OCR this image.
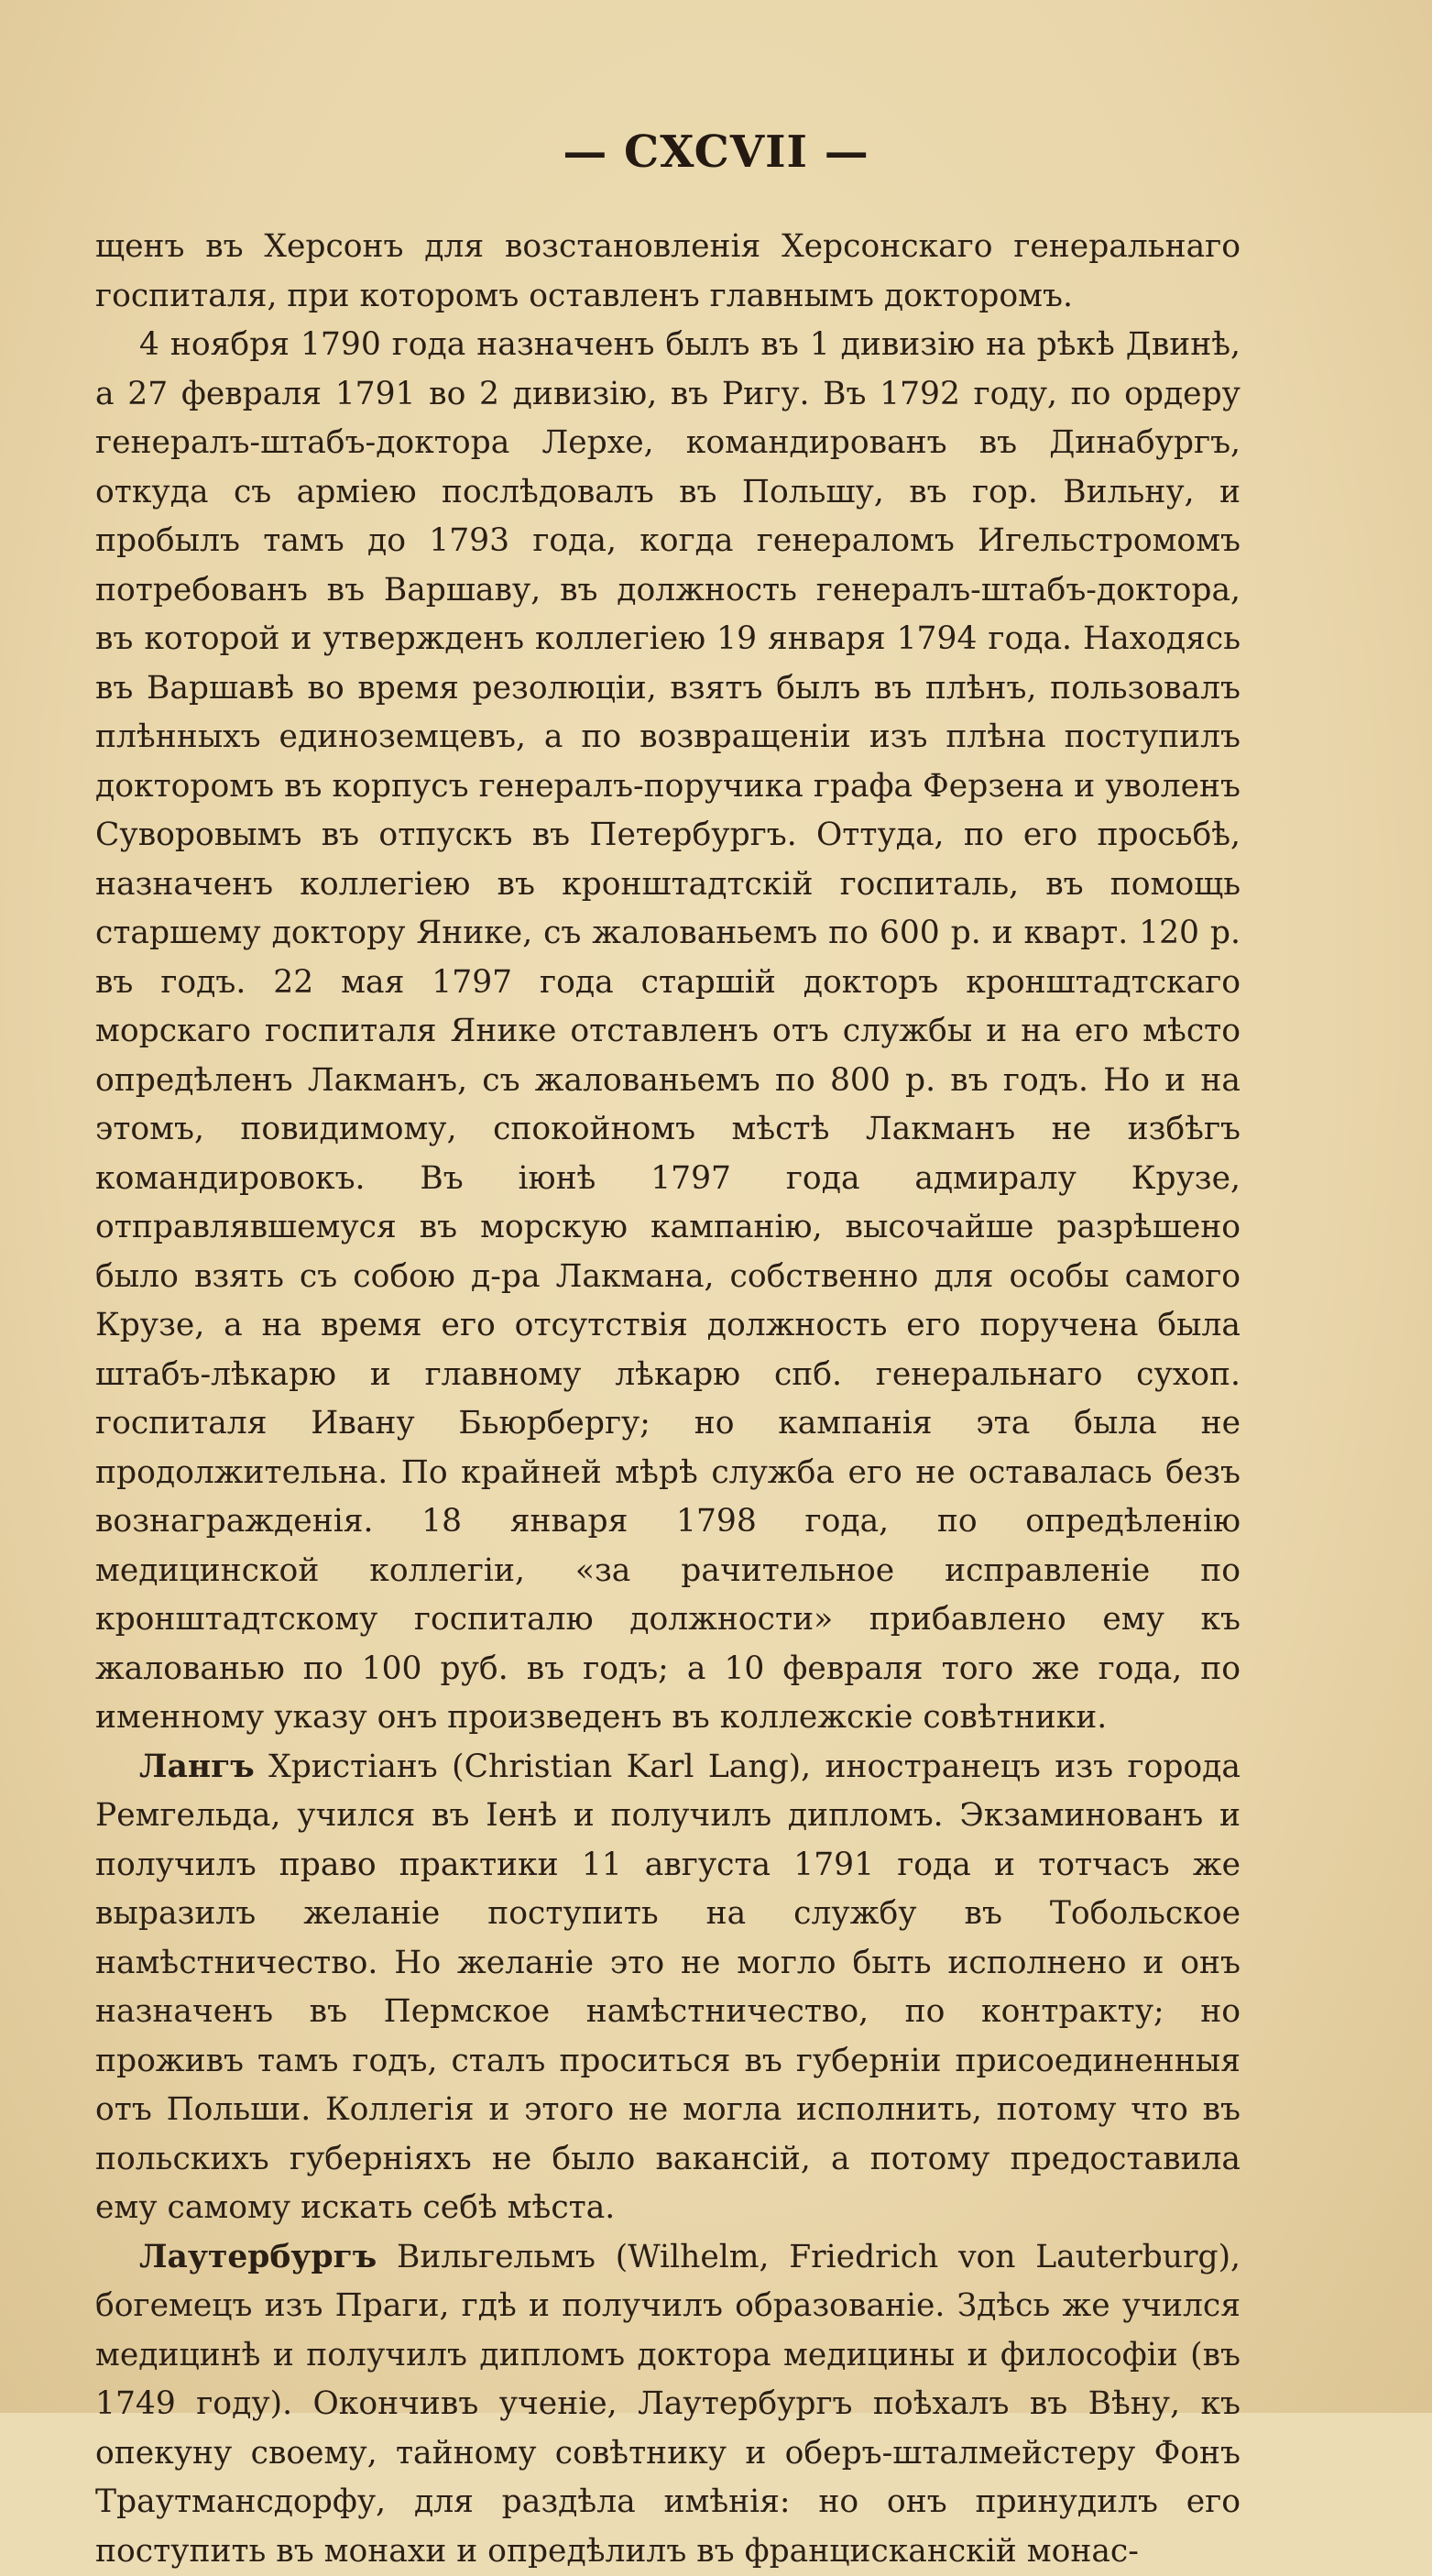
— CXCVII —

щенъ въ Херсонъ для возстановленія Херсонскаго генеральнаго госпиталя, при которомъ оставленъ главнымъ докторомъ.

4 ноября 1790 года назначенъ былъ въ 1 дивизію на рѣкѣ Двинѣ, а 27 февраля 1791 во 2 дивизію, въ Ригу. Въ 1792 году, по ордеру генералъ-штабъ-доктора Лерхе, командированъ въ Динабургъ, откуда съ арміею послѣдовалъ въ Польшу, въ гор. Вильну, и пробылъ тамъ до 1793 года, когда генераломъ Игельстромомъ потребованъ въ Варшаву, въ должность генералъ-штабъ-доктора, въ которой и утвержденъ коллегіею 19 января 1794 года. Находясь въ Варшавѣ во время резолюціи, взятъ былъ въ плѣнъ, пользовалъ плѣнныхъ единоземцевъ, а по возвращеніи изъ плѣна поступилъ докторомъ въ корпусъ генералъ-поручика графа Ферзена и уволенъ Суворовымъ въ отпускъ въ Петербургъ. Оттуда, по его просьбѣ, назначенъ коллегіею въ кронштадтскій госпиталь, въ помощь старшему доктору Янике, съ жалованьемъ по 600 р. и кварт. 120 р. въ годъ. 22 мая 1797 года старшій докторъ кронштадтскаго морскаго госпиталя Янике отставленъ отъ службы и на его мѣсто опредѣленъ Лакманъ, съ жалованьемъ по 800 р. въ годъ. Но и на этомъ, повидимому, спокойномъ мѣстѣ Лакманъ не избѣгъ командировокъ. Въ іюнѣ 1797 года адмиралу Крузе, отправлявшемуся въ морскую кампанію, высочайше разрѣшено было взять съ собою д-ра Лакмана, собственно для особы самого Крузе, а на время его отсутствія должность его поручена была штабъ-лѣкарю и главному лѣкарю спб. генеральнаго сухоп. госпиталя Ивану Бьюрбергу; но кампанія эта была не продолжительна. По крайней мѣрѣ служба его не оставалась безъ вознагражденія. 18 января 1798 года, по опредѣленію медицинской коллегіи, «за рачительное исправленіе по кронштадтскому госпиталю должности» прибавлено ему къ жалованью по 100 руб. въ годъ; а 10 февраля того же года, по именному указу онъ произведенъ въ коллежскіе совѣтники.

Лангъ Христіанъ (Christian Karl Lang), иностранецъ изъ города Ремгельда, учился въ Іенѣ и получилъ дипломъ. Экзаминованъ и получилъ право практики 11 августа 1791 года и тотчасъ же выразилъ желаніе поступить на службу въ Тобольское намѣстничество. Но желаніе это не могло быть исполнено и онъ назначенъ въ Пермское намѣстничество, по контракту; но проживъ тамъ годъ, сталъ проситься въ губерніи присоединенныя отъ Польши. Коллегія и этого не могла исполнить, потому что въ польскихъ губерніяхъ не было вакансій, а потому предоставила ему самому искать себѣ мѣста.

Лаутербургъ Вильгельмъ (Wilhelm, Friedrich von Lauterburg), богемецъ изъ Праги, гдѣ и получилъ образованіе. Здѣсь же учился медицинѣ и получилъ дипломъ доктора медицины и философіи (въ 1749 году). Окончивъ ученіе, Лаутербургъ поѣхалъ въ Вѣну, къ опекуну своему, тайному совѣтнику и оберъ-шталмейстеру Фонъ Траутмансдорфу, для раздѣла имѣнія: но онъ принудилъ его поступить въ монахи и опредѣлилъ въ францисканскій монас-
